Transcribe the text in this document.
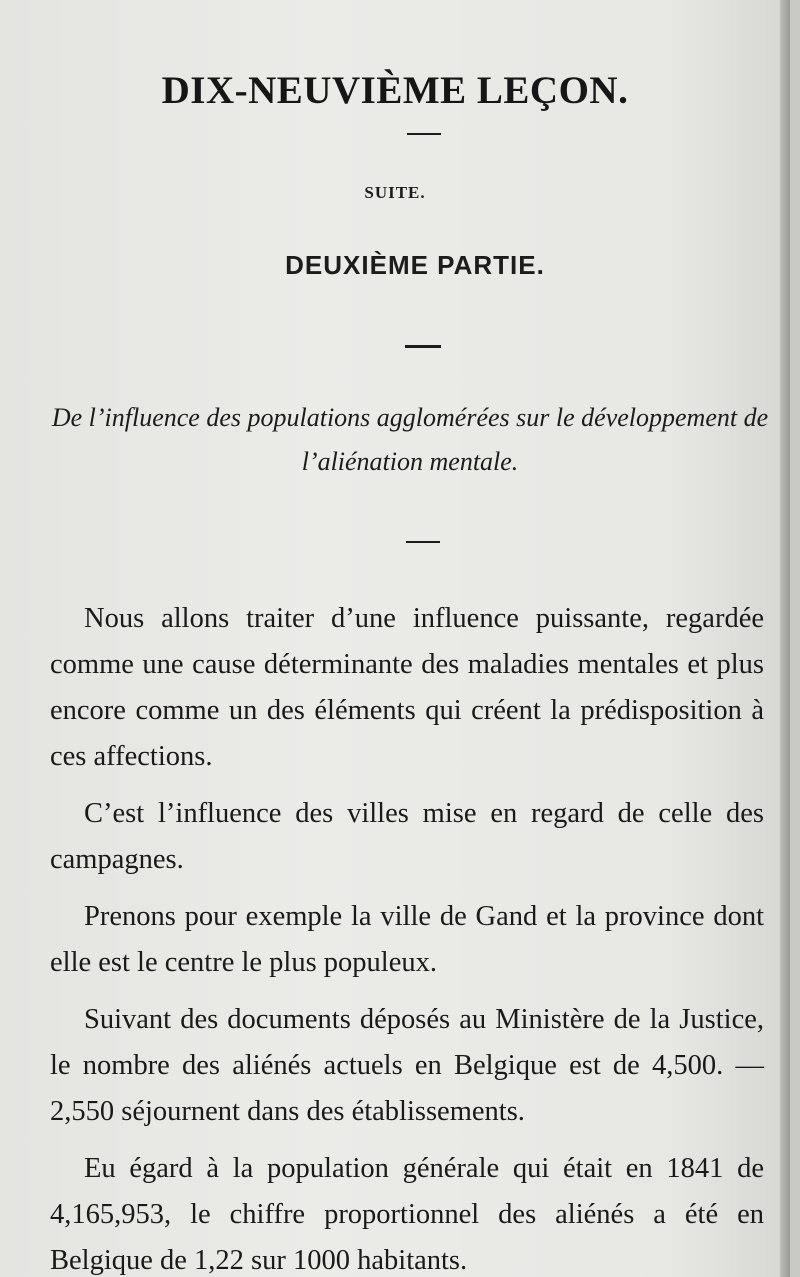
DIX-NEUVIÈME LEÇON.
SUITE.
DEUXIÈME PARTIE.
De l’influence des populations agglomérées sur le développement de l’aliénation mentale.

Nous allons traiter d’une influence puissante, regardée comme une cause déterminante des maladies mentales et plus encore comme un des éléments qui créent la prédisposition à ces affections.

C’est l’influence des villes mise en regard de celle des campagnes.

Prenons pour exemple la ville de Gand et la province dont elle est le centre le plus populeux.

Suivant des documents déposés au Ministère de la Justice, le nombre des aliénés actuels en Belgique est de 4,500. — 2,550 séjournent dans des établissements.

Eu égard à la population générale qui était en 1841 de 4,165,953, le chiffre proportionnel des aliénés a été en Belgique de 1,22 sur 1000 habitants.
